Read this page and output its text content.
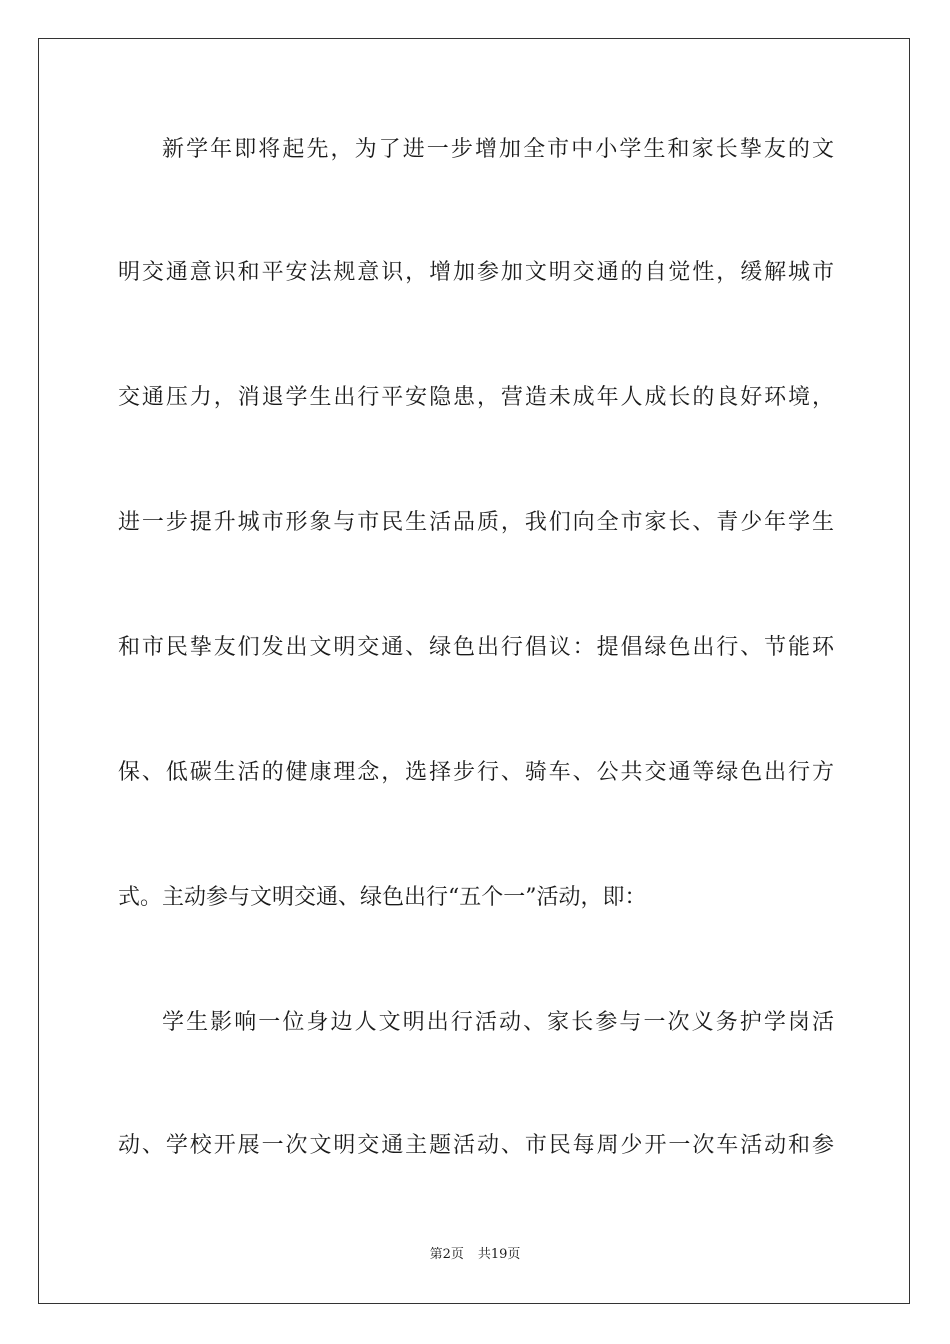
新学年即将起先，为了进一步增加全市中小学生和家长挚友的文
明交通意识和平安法规意识，增加参加文明交通的自觉性，缓解城市
交通压力，消退学生出行平安隐患，营造未成年人成长的良好环境，
进一步提升城市形象与市民生活品质，我们向全市家长、青少年学生
和市民挚友们发出文明交通、绿色出行倡议：提倡绿色出行、节能环
保、低碳生活的健康理念，选择步行、骑车、公共交通等绿色出行方
式。主动参与文明交通、绿色出行“五个一”活动，即：
学生影响一位身边人文明出行活动、家长参与一次义务护学岗活
动、学校开展一次文明交通主题活动、市民每周少开一次车活动和参
第2页 共19页
